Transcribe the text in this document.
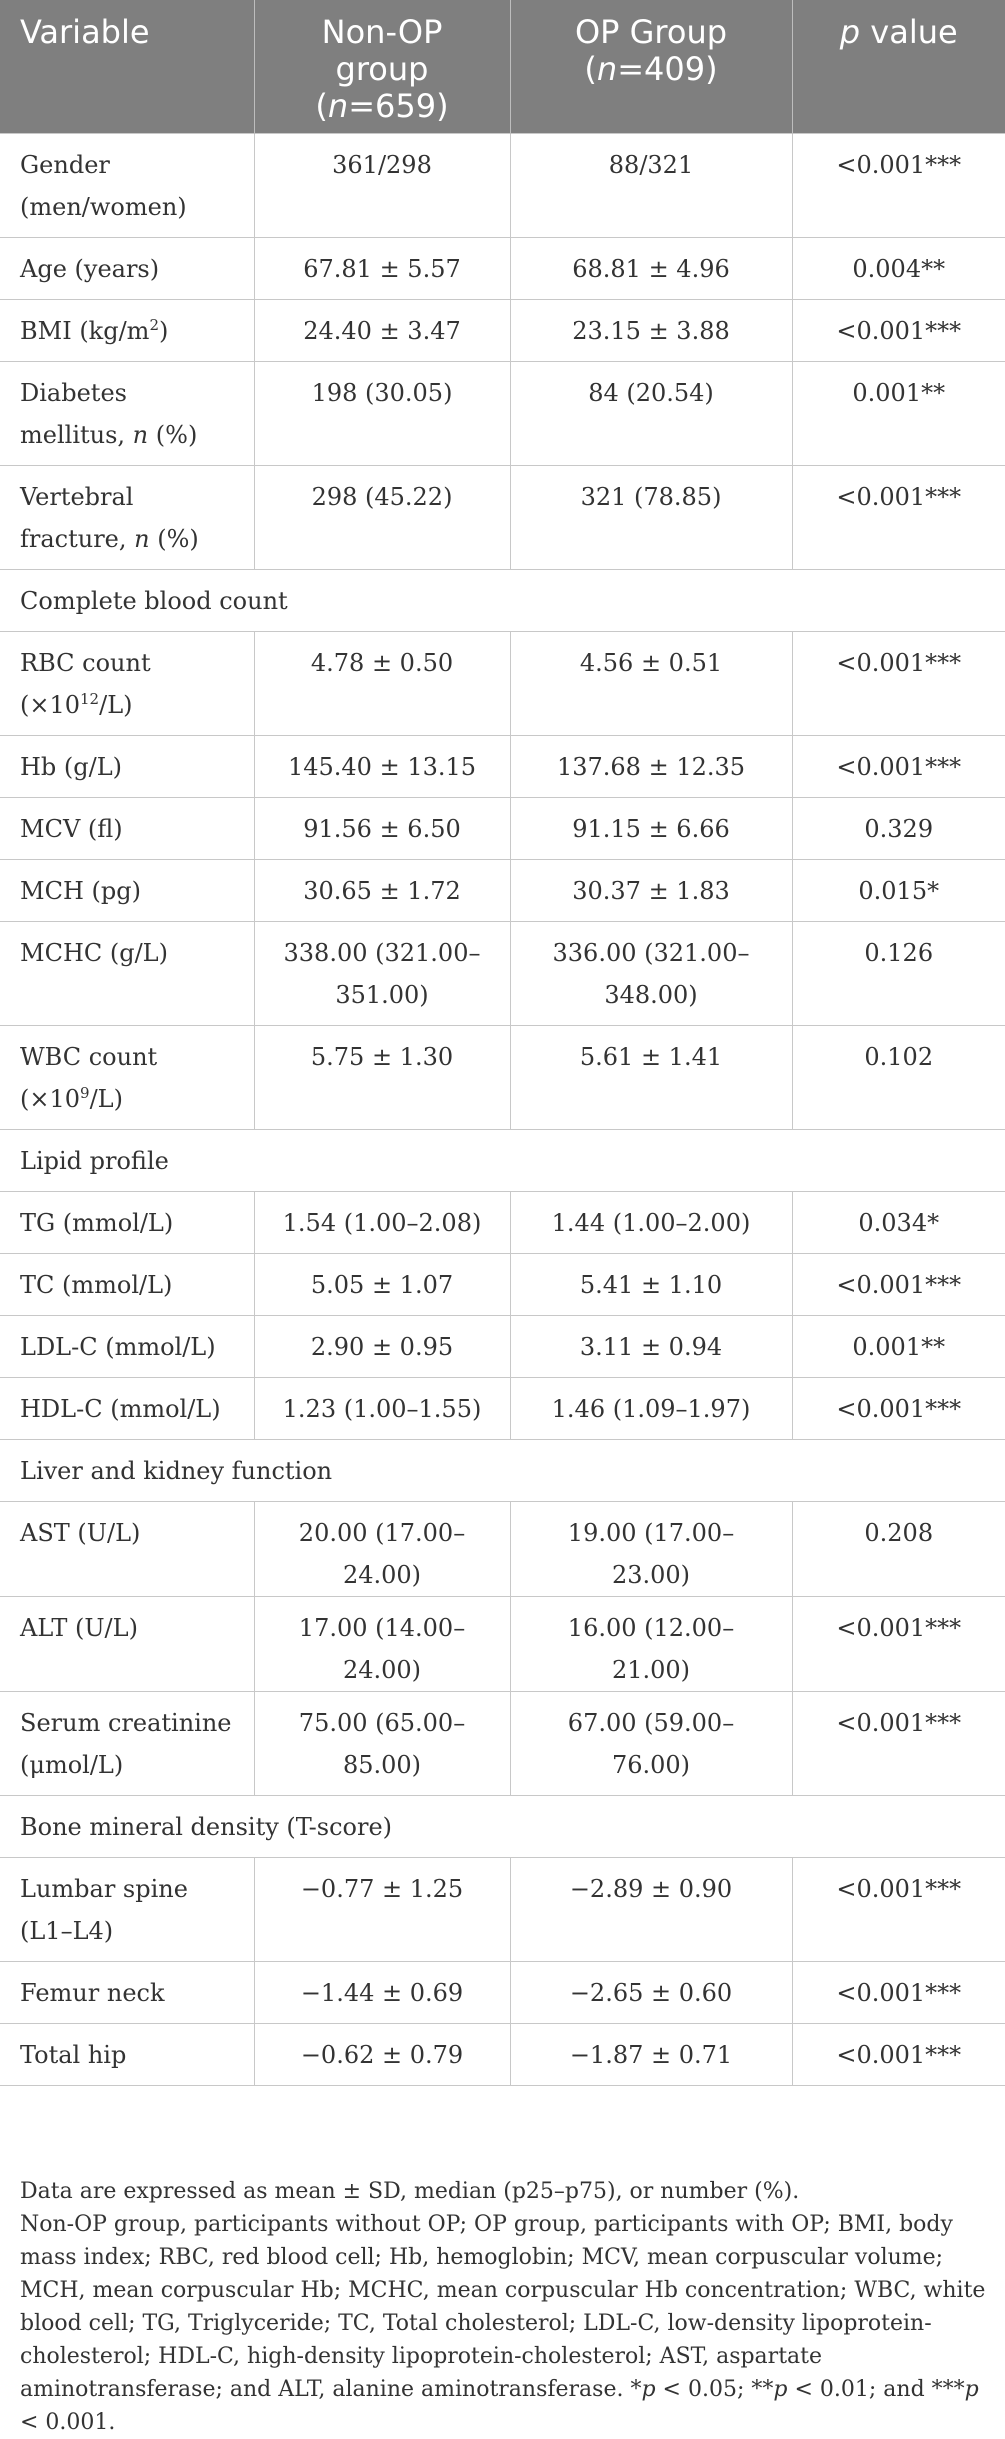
Variable	Non-OP group (n=659)	OP Group (n=409)	p value
Gender (men/women)	361/298	88/321	<0.001***
Age (years)	67.81 ± 5.57	68.81 ± 4.96	0.004**
BMI $(kg/m^2)$	24.40 ± 3.47	23.15 ± 3.88	<0.001***
Diabetes mellitus, n (%)	198 (30.05)	84 (20.54)	0.001**
Vertebral fracture, n (%)	298 (45.22)	321 (78.85)	<0.001***
Complete blood count			
RBC count $(\times 10^{12}/L)$	4.78 ± 0.50	4.56 ± 0.51	<0.001***
Hb (g/L)	145.40 ± 13.15	137.68 ± 12.35	<0.001***
MCV (fl)	91.56 ± 6.50	91.15 ± 6.66	0.329
MCH (pg)	30.65 ± 1.72	30.37 ± 1.83	0.015*
MCHC (g/L)	338.00 (321.00–351.00)	336.00 (321.00–348.00)	0.126
WBC count $(\times 10^9/L)$	5.75 ± 1.30	5.61 ± 1.41	0.102
Lipid profile			
TG (mmol/L)	1.54 (1.00–2.08)	1.44 (1.00–2.00)	0.034*
TC (mmol/L)	5.05 ± 1.07	5.41 ± 1.10	<0.001***
LDL-C (mmol/L)	2.90 ± 0.95	3.11 ± 0.94	0.001**
HDL-C (mmol/L)	1.23 (1.00–1.55)	1.46 (1.09–1.97)	<0.001***
Liver and kidney function			
AST (U/L)	20.00 (17.00–24.00)	19.00 (17.00–23.00)	0.208
ALT (U/L)	17.00 (14.00–24.00)	16.00 (12.00–21.00)	<0.001***
Serum creatinine (μmol/L)	75.00 (65.00–85.00)	67.00 (59.00–76.00)	<0.001***
Bone mineral density (T-score)			
Lumbar spine (L1–L4)	−0.77 ± 1.25	−2.89 ± 0.90	<0.001***
Femur neck	−1.44 ± 0.69	−2.65 ± 0.60	<0.001***
Total hip	−0.62 ± 0.79	−1.87 ± 0.71	<0.001***

Data are expressed as mean ± SD, median (p25–p75), or number (%).

Non-OP group, participants without OP; OP group, participants with OP; BMI, body mass index; RBC, red blood cell; Hb, hemoglobin; MCV, mean corpuscular volume; MCH, mean corpuscular Hb; MCHC, mean corpuscular Hb concentration; WBC, white blood cell; TG, Triglyceride; TC, Total cholesterol; LDL-C, low-density lipoprotein-cholesterol; HDL-C, high-density lipoprotein-cholesterol; AST, aspartate aminotransferase; and ALT, alanine aminotransferase. *p < 0.05; **p < 0.01; and ***p < 0.001.
